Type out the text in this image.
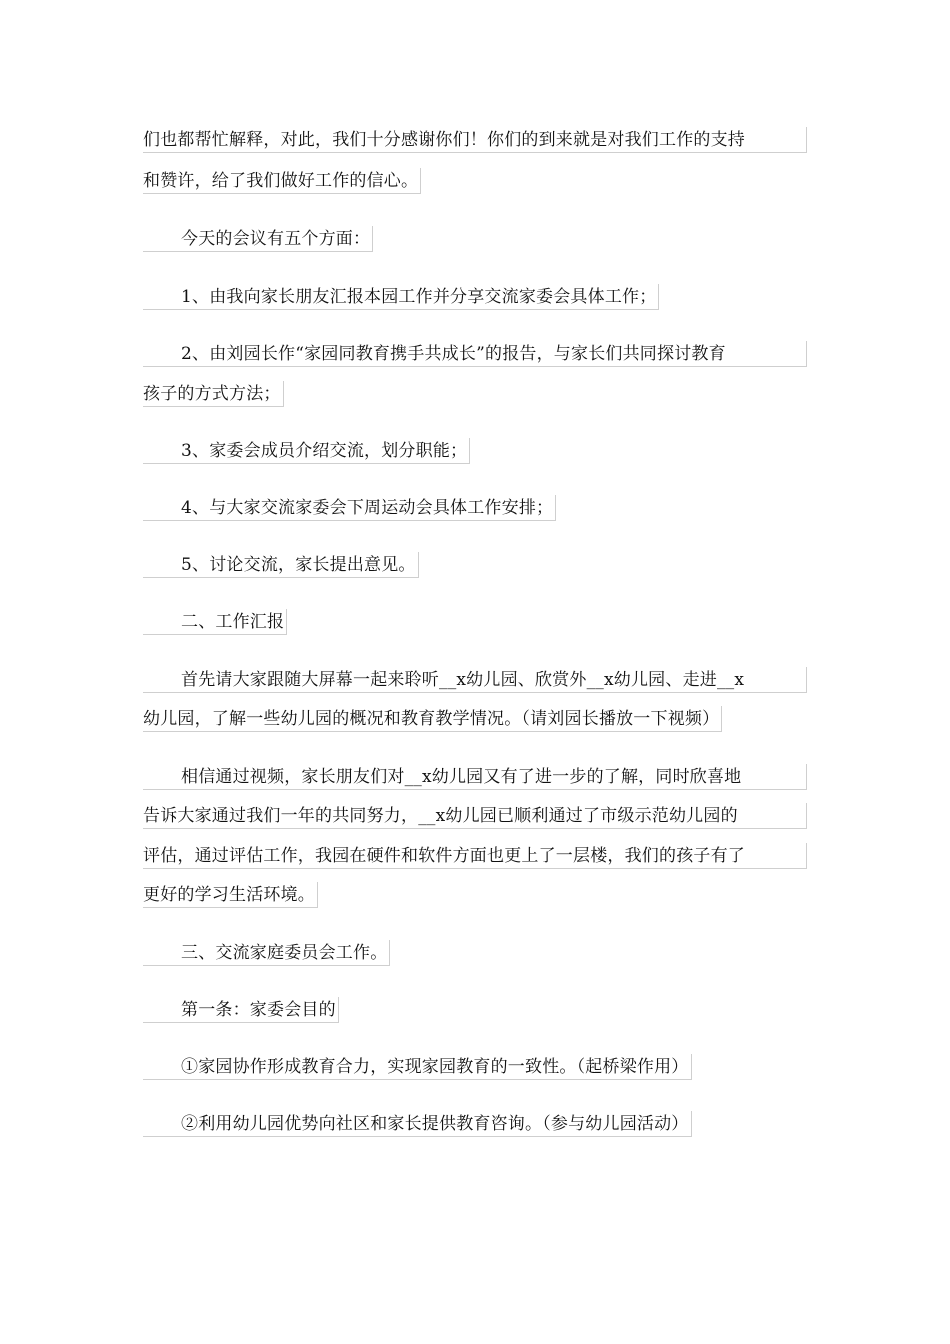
们也都帮忙解释，对此，我们十分感谢你们！你们的到来就是对我们工作的支持
和赞许，给了我们做好工作的信心。
今天的会议有五个方面：
1、由我向家长朋友汇报本园工作并分享交流家委会具体工作；
2、由刘园长作“家园同教育携手共成长”的报告，与家长们共同探讨教育
孩子的方式方法；
3、家委会成员介绍交流，划分职能；
4、与大家交流家委会下周运动会具体工作安排；
5、讨论交流，家长提出意见。
二、工作汇报
首先请大家跟随大屏幕一起来聆听__x幼儿园、欣赏外__x幼儿园、走进__x
幼儿园，了解一些幼儿园的概况和教育教学情况。（请刘园长播放一下视频）
相信通过视频，家长朋友们对__x幼儿园又有了进一步的了解，同时欣喜地
告诉大家通过我们一年的共同努力，__x幼儿园已顺利通过了市级示范幼儿园的
评估，通过评估工作，我园在硬件和软件方面也更上了一层楼，我们的孩子有了
更好的学习生活环境。
三、交流家庭委员会工作。
第一条：家委会目的
①家园协作形成教育合力，实现家园教育的一致性。（起桥梁作用）
②利用幼儿园优势向社区和家长提供教育咨询。（参与幼儿园活动）
